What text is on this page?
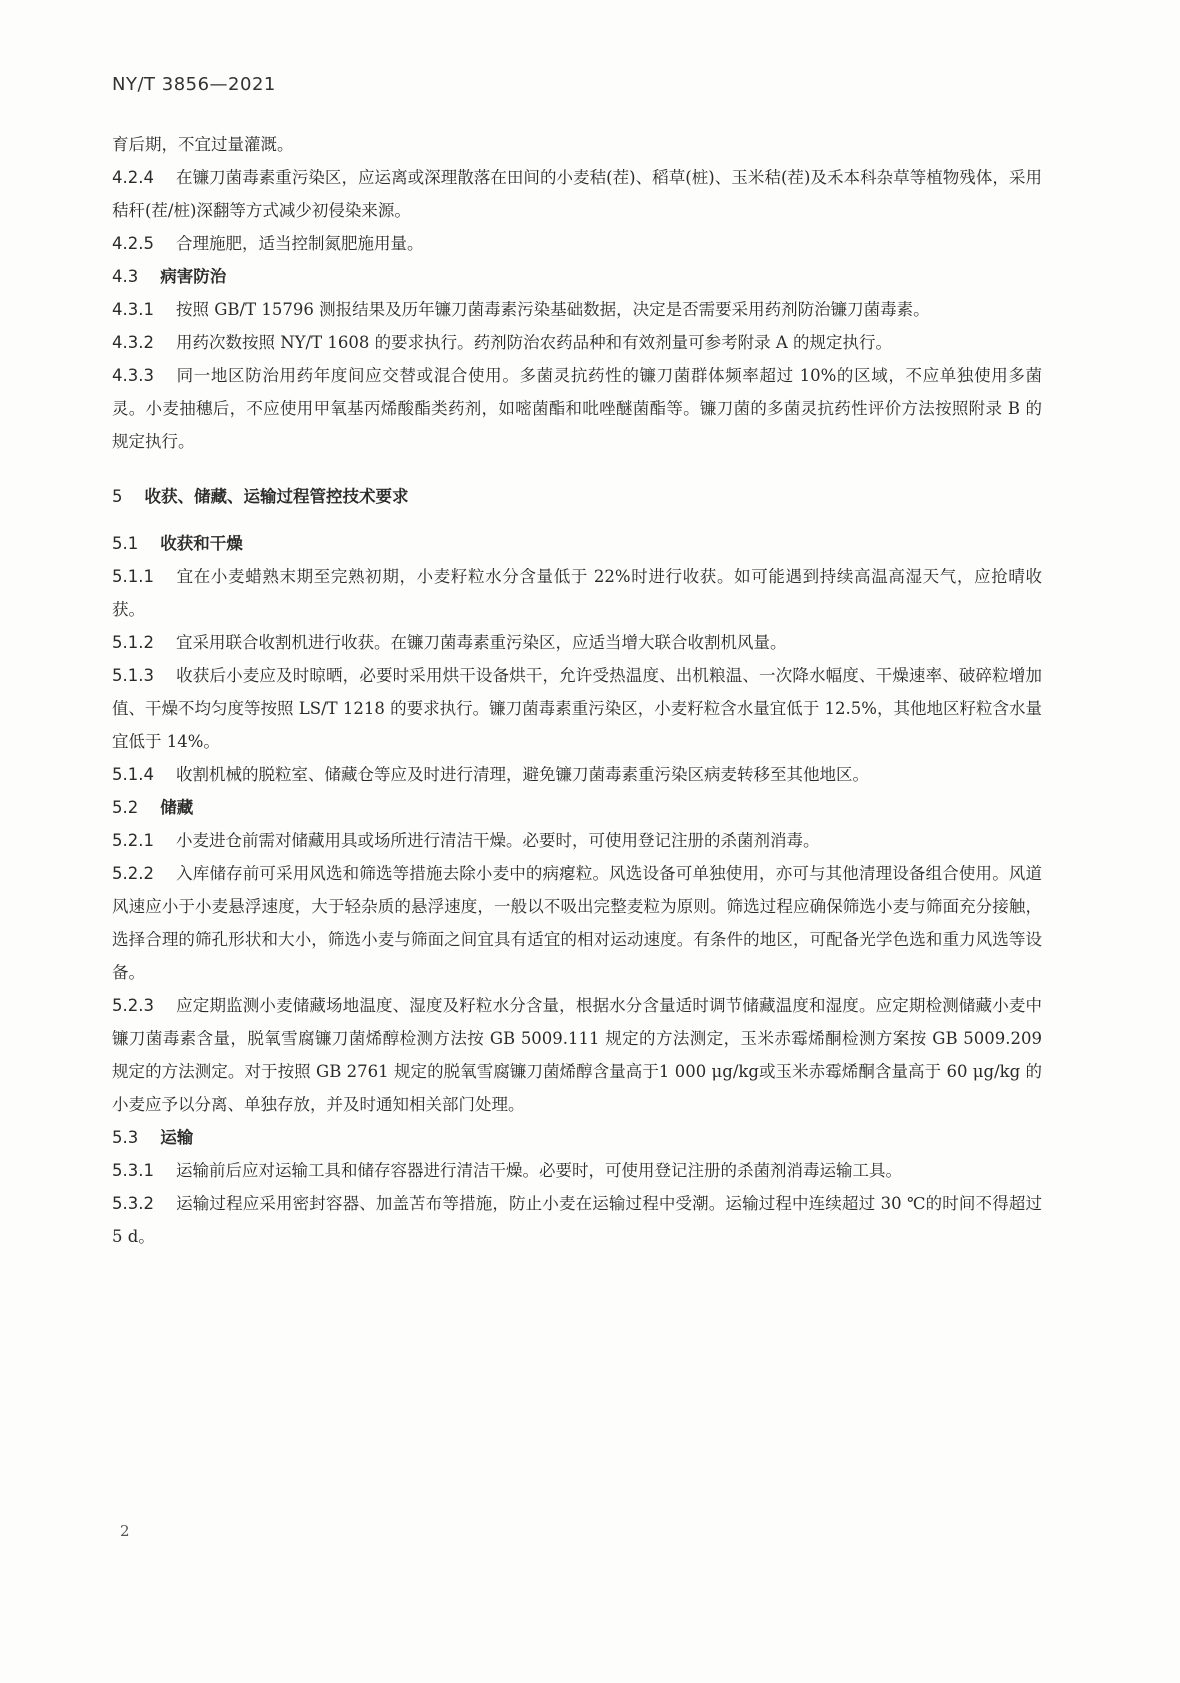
NY/T 3856—2021

育后期，不宜过量灌溉。

4.2.4 在镰刀菌毒素重污染区，应运离或深理散落在田间的小麦秸(茬)、稻草(桩)、玉米秸(茬)及禾本科杂草等植物残体，采用秸秆(茬/桩)深翻等方式减少初侵染来源。

4.2.5 合理施肥，适当控制氮肥施用量。

4.3 病害防治

4.3.1 按照 GB/T 15796 测报结果及历年镰刀菌毒素污染基础数据，决定是否需要采用药剂防治镰刀菌毒素。

4.3.2 用药次数按照 NY/T 1608 的要求执行。药剂防治农药品种和有效剂量可参考附录 A 的规定执行。

4.3.3 同一地区防治用药年度间应交替或混合使用。多菌灵抗药性的镰刀菌群体频率超过 10%的区域，不应单独使用多菌灵。小麦抽穗后，不应使用甲氧基丙烯酸酯类药剂，如嘧菌酯和吡唑醚菌酯等。镰刀菌的多菌灵抗药性评价方法按照附录 B 的规定执行。

5 收获、储藏、运输过程管控技术要求

5.1 收获和干燥

5.1.1 宜在小麦蜡熟末期至完熟初期，小麦籽粒水分含量低于 22%时进行收获。如可能遇到持续高温高湿天气，应抢晴收获。

5.1.2 宜采用联合收割机进行收获。在镰刀菌毒素重污染区，应适当增大联合收割机风量。

5.1.3 收获后小麦应及时晾晒，必要时采用烘干设备烘干，允许受热温度、出机粮温、一次降水幅度、干燥速率、破碎粒增加值、干燥不均匀度等按照 LS/T 1218 的要求执行。镰刀菌毒素重污染区，小麦籽粒含水量宜低于 12.5%，其他地区籽粒含水量宜低于 14%。

5.1.4 收割机械的脱粒室、储藏仓等应及时进行清理，避免镰刀菌毒素重污染区病麦转移至其他地区。

5.2 储藏

5.2.1 小麦进仓前需对储藏用具或场所进行清洁干燥。必要时，可使用登记注册的杀菌剂消毒。

5.2.2 入库储存前可采用风选和筛选等措施去除小麦中的病瘪粒。风选设备可单独使用，亦可与其他清理设备组合使用。风道风速应小于小麦悬浮速度，大于轻杂质的悬浮速度，一般以不吸出完整麦粒为原则。筛选过程应确保筛选小麦与筛面充分接触，选择合理的筛孔形状和大小，筛选小麦与筛面之间宜具有适宜的相对运动速度。有条件的地区，可配备光学色选和重力风选等设备。

5.2.3 应定期监测小麦储藏场地温度、湿度及籽粒水分含量，根据水分含量适时调节储藏温度和湿度。应定期检测储藏小麦中镰刀菌毒素含量，脱氧雪腐镰刀菌烯醇检测方法按 GB 5009.111 规定的方法测定，玉米赤霉烯酮检测方案按 GB 5009.209 规定的方法测定。对于按照 GB 2761 规定的脱氧雪腐镰刀菌烯醇含量高于1 000 μg/kg或玉米赤霉烯酮含量高于 60 μg/kg 的小麦应予以分离、单独存放，并及时通知相关部门处理。

5.3 运输

5.3.1 运输前后应对运输工具和储存容器进行清洁干燥。必要时，可使用登记注册的杀菌剂消毒运输工具。

5.3.2 运输过程应采用密封容器、加盖苫布等措施，防止小麦在运输过程中受潮。运输过程中连续超过 30 ℃的时间不得超过 5 d。

2
